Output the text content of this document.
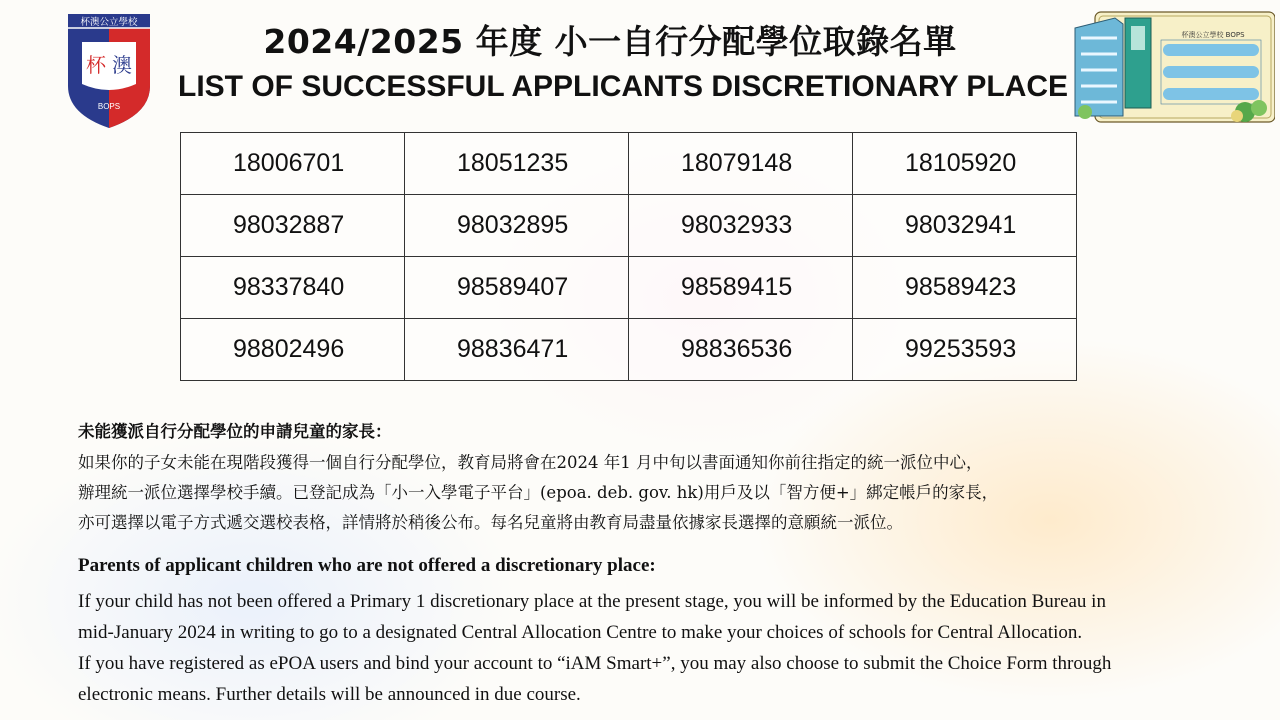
杯澳公立學校
杯 澳
BOPS
2024/2025 年度 小一自行分配學位取錄名單
LIST OF SUCCESSFUL APPLICANTS DISCRETIONARY PLACE
杯澳公立學校 BOPS
18006701	18051235	18079148	18105920
98032887	98032895	98032933	98032941
98337840	98589407	98589415	98589423
98802496	98836471	98836536	99253593
未能獲派自行分配學位的申請兒童的家長：
如果你的子女未能在現階段獲得一個自行分配學位，教育局將會在2024 年1 月中旬以書面通知你前往指定的統一派位中心，
辦理統一派位選擇學校手續。已登記成為「小一入學電子平台」(epoa. deb. gov. hk)用戶及以「智方便+」綁定帳戶的家長，
亦可選擇以電子方式遞交選校表格，詳情將於稍後公布。每名兒童將由教育局盡量依據家長選擇的意願統一派位。
Parents of applicant children who are not offered a discretionary place:
If your child has not been offered a Primary 1 discretionary place at the present stage, you will be informed by the Education Bureau in
mid-January 2024 in writing to go to a designated Central Allocation Centre to make your choices of schools for Central Allocation.
If you have registered as ePOA users and bind your account to “iAM Smart+”, you may also choose to submit the Choice Form through
electronic means. Further details will be announced in due course.
